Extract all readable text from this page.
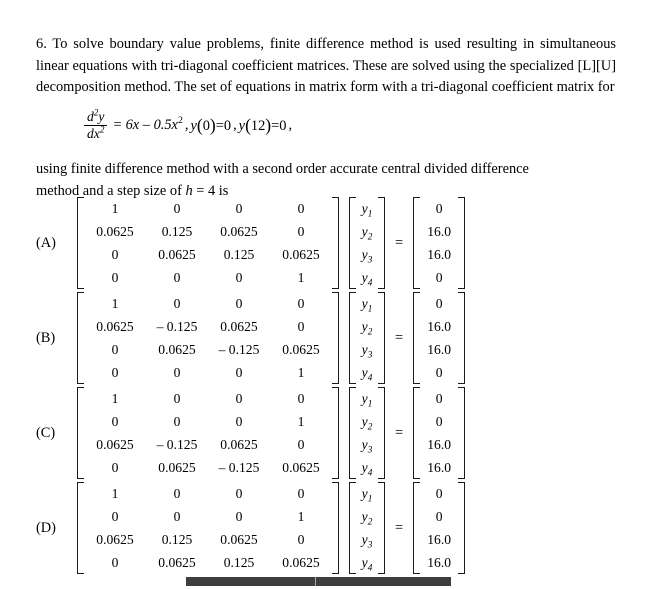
6. To solve boundary value problems, finite difference method is used resulting in simultaneous linear equations with tri-diagonal coefficient matrices. These are solved using the specialized [L][U] decomposition method. The set of equations in matrix form with a tri-diagonal coefficient matrix for

$\frac{d^2y}{dx^2} = 6x - 0.5x^2$ , y(0)=0 , y(12)=0 ,
using finite difference method with a second order accurate central divided difference
method and a step size of h = 4 is
(A)
1	0	0	0
0.0625	0.125	0.0625	0
0	0.0625	0.125	0.0625
0	0	0	1
$y_1$
$y_2$
$y_3$
$y_4$
=
0
16.0
16.0
0
(B)
1	0	0	0
0.0625	– 0.125	0.0625	0
0	0.0625	– 0.125	0.0625
0	0	0	1
$y_1$
$y_2$
$y_3$
$y_4$
=
0
16.0
16.0
0
(C)
1	0	0	0
0	0	0	1
0.0625	– 0.125	0.0625	0
0	0.0625	– 0.125	0.0625
$y_1$
$y_2$
$y_3$
$y_4$
=
0
0
16.0
16.0
(D)
1	0	0	0
0	0	0	1
0.0625	0.125	0.0625	0
0	0.0625	0.125	0.0625
$y_1$
$y_2$
$y_3$
$y_4$
=
0
0
16.0
16.0
